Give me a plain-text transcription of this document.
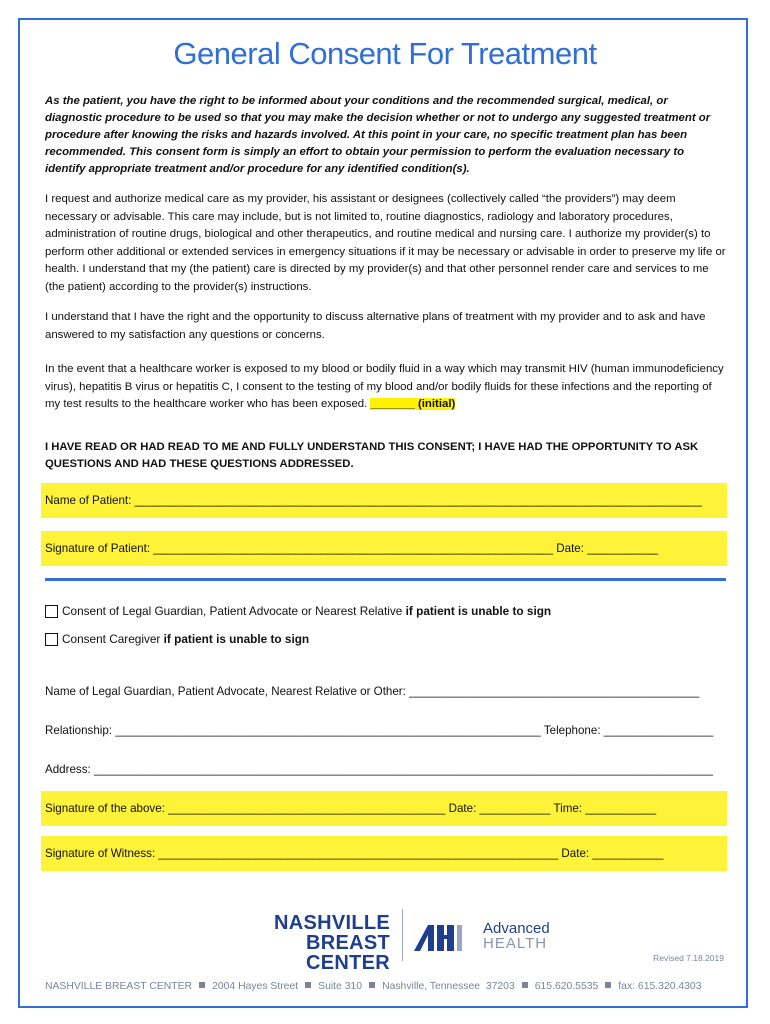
General Consent For Treatment
As the patient, you have the right to be informed about your conditions and the recommended surgical, medical, or diagnostic procedure to be used so that you may make the decision whether or not to undergo any suggested treatment or procedure after knowing the risks and hazards involved. At this point in your care, no specific treatment plan has been recommended. This consent form is simply an effort to obtain your permission to perform the evaluation necessary to identify appropriate treatment and/or procedure for any identified condition(s).
I request and authorize medical care as my provider, his assistant or designees (collectively called “the providers”) may deem necessary or advisable. This care may include, but is not limited to, routine diagnostics, radiology and laboratory procedures, administration of routine drugs, biological and other therapeutics, and routine medical and nursing care. I authorize my provider(s) to perform other additional or extended services in emergency situations if it may be necessary or advisable in order to preserve my life or health. I understand that my (the patient) care is directed by my provider(s) and that other personnel render care and services to me (the patient) according to the provider(s) instructions.
I understand that I have the right and the opportunity to discuss alternative plans of treatment with my provider and to ask and have answered to my satisfaction any questions or concerns.
In the event that a healthcare worker is exposed to my blood or bodily fluid in a way which may transmit HIV (human immunodeficiency virus), hepatitis B virus or hepatitis C, I consent to the testing of my blood and/or bodily fluids for these infections and the reporting of my test results to the healthcare worker who has been exposed. _______ (initial)
I HAVE READ OR HAD READ TO ME AND FULLY UNDERSTAND THIS CONSENT; I HAVE HAD THE OPPORTUNITY TO ASK QUESTIONS AND HAD THESE QUESTIONS ADDRESSED.
Name of Patient: ________________________________________________________________________________________
Signature of Patient: ______________________________________________________________ Date: ___________
Consent of Legal Guardian, Patient Advocate or Nearest Relative if patient is unable to sign
Consent Caregiver if patient is unable to sign
Name of Legal Guardian, Patient Advocate, Nearest Relative or Other: _____________________________________________
Relationship: __________________________________________________________________ Telephone: _________________
Address: ________________________________________________________________________________________________
Signature of the above: ___________________________________________ Date: ___________ Time: ___________
Signature of Witness: ______________________________________________________________ Date: ___________
NASHVILLE
BREAST CENTER
Advanced
HEALTH
Revised 7.18.2019
NASHVILLE BREAST CENTER 2004 Hayes Street Suite 310 Nashville, Tennessee  37203 615.620.5535 fax: 615.320.4303
